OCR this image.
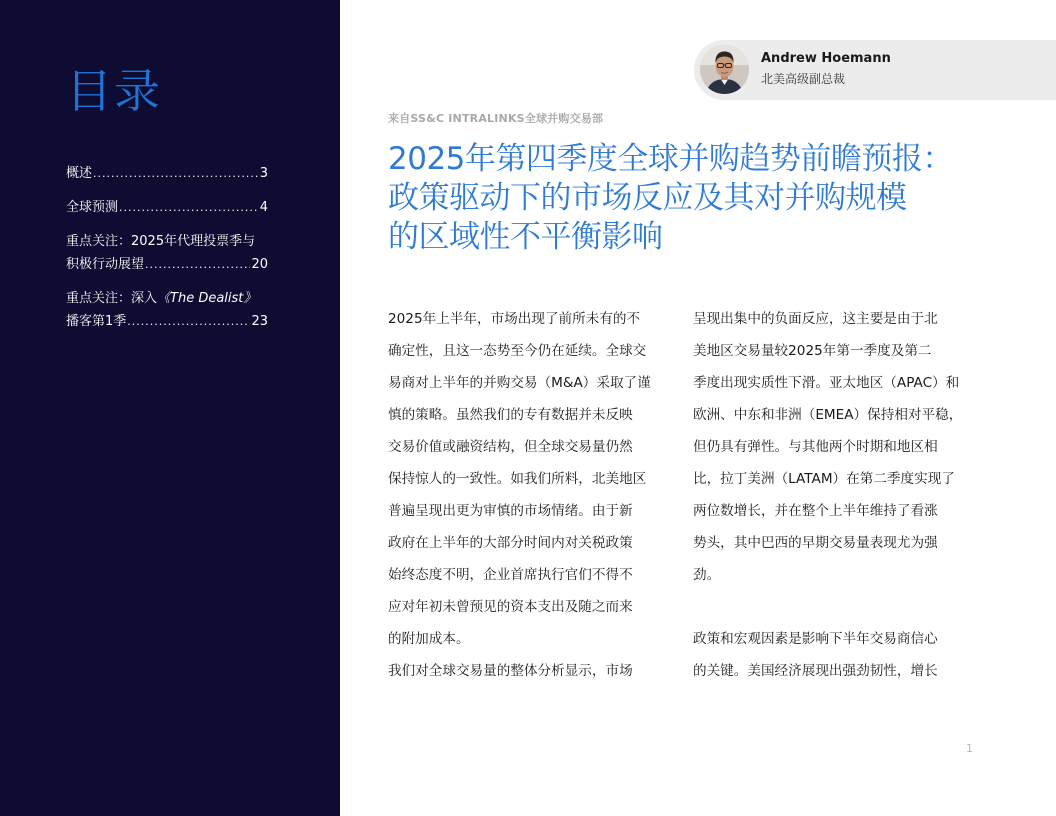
目录
概述 .....	3
全球预测 .....	4
重点关注：2025年代理投票季与
积极行动展望 .....	20
重点关注：深入《The Dealist》
播客第1季 .....	23
Andrew Hoemann
北美高级副总裁
来自SS&C INTRALINKS全球并购交易部
2025年第四季度全球并购趋势前瞻预报：
政策驱动下的市场反应及其对并购规模
的区域性不平衡影响
2025年上半年，市场出现了前所未有的不
确定性，且这一态势至今仍在延续。全球交
易商对上半年的并购交易（M&A）采取了谨
慎的策略。虽然我们的专有数据并未反映
交易价值或融资结构，但全球交易量仍然
保持惊人的一致性。如我们所料，北美地区
普遍呈现出更为审慎的市场情绪。由于新
政府在上半年的大部分时间内对关税政策
始终态度不明，企业首席执行官们不得不
应对年初未曾预见的资本支出及随之而来
的附加成本。
我们对全球交易量的整体分析显示，市场
呈现出集中的负面反应，这主要是由于北
美地区交易量较2025年第一季度及第二
季度出现实质性下滑。亚太地区（APAC）和
欧洲、中东和非洲（EMEA）保持相对平稳，
但仍具有弹性。与其他两个时期和地区相
比，拉丁美洲（LATAM）在第二季度实现了
两位数增长，并在整个上半年维持了看涨
势头，其中巴西的早期交易量表现尤为强
劲。
政策和宏观因素是影响下半年交易商信心
的关键。美国经济展现出强劲韧性，增长
1
